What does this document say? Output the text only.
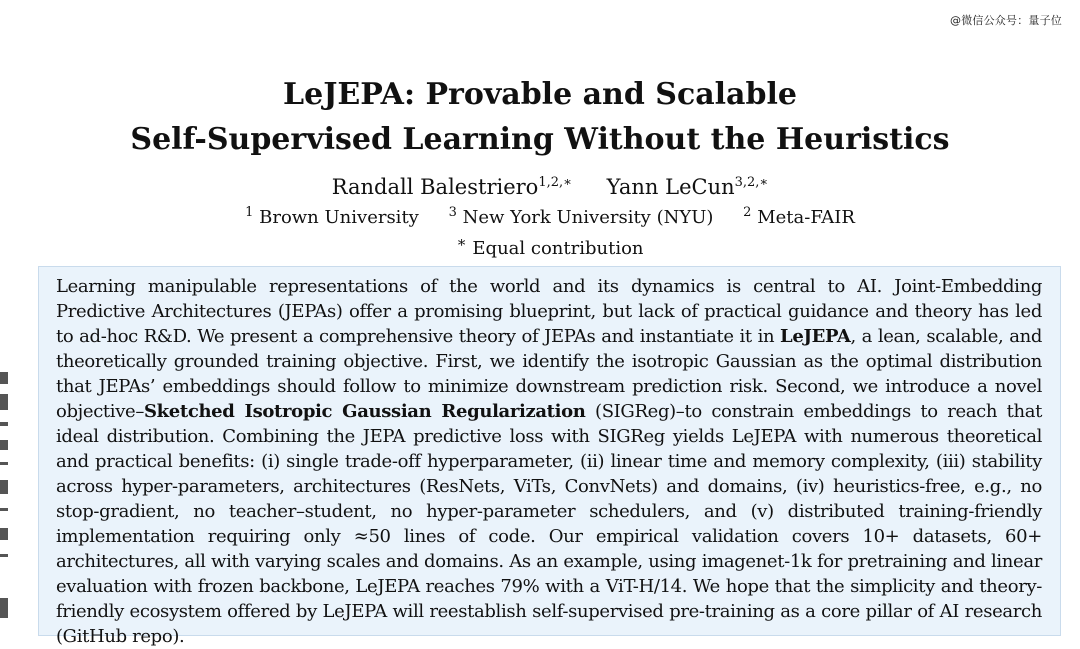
@微信公众号：量子位
LeJEPA: Provable and Scalable
Self-Supervised Learning Without the Heuristics
Randall Balestriero$^{1,2,∗}$ Yann LeCun$^{3,2,∗}$
$^1$ Brown University $^3$ New York University (NYU) $^2$ Meta-FAIR
∗ Equal contribution
Learning manipulable representations of the world and its dynamics is central to AI. Joint-Embedding Predictive Architectures (JEPAs) offer a promising blueprint, but lack of practical guidance and theory has led to ad-hoc R&D. We present a comprehensive theory of JEPAs and instantiate it in LeJEPA, a lean, scalable, and theoretically grounded training objective. First, we identify the isotropic Gaussian as the optimal distribution that JEPAs’ embeddings should follow to minimize downstream prediction risk. Second, we introduce a novel objective–Sketched Isotropic Gaussian Regularization (SIGReg)–to constrain embeddings to reach that ideal distribution. Combining the JEPA predictive loss with SIGReg yields LeJEPA with numerous theoretical and practical benefits: (i) single trade-off hyperparameter, (ii) linear time and memory complexity, (iii) stability across hyper-parameters, architectures (ResNets, ViTs, ConvNets) and domains, (iv) heuristics-free, e.g., no stop-gradient, no teacher–student, no hyper-parameter schedulers, and (v) distributed training-friendly implementation requiring only ≈50 lines of code. Our empirical validation covers 10+ datasets, 60+ architectures, all with varying scales and domains. As an example, using imagenet-1k for pretraining and linear evaluation with frozen backbone, LeJEPA reaches 79% with a ViT-H/14. We hope that the simplicity and theory-friendly ecosystem offered by LeJEPA will reestablish self-supervised pre-training as a core pillar of AI research (GitHub repo).
